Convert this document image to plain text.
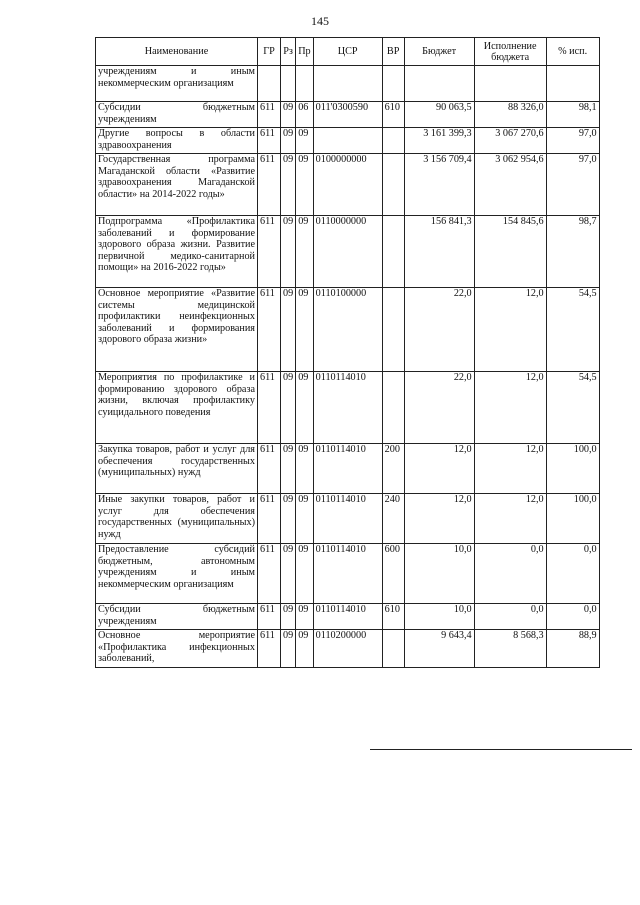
145
Наименование	ГР	Рз	Пр	ЦСР	ВР	Бюджет	Исполнение бюджета	% исп.

учреждениям и иным некоммерческим организациям								

Субсидии бюджетным учреждениям	611	09	06	011'0300590	610	90 063,5	88 326,0	98,1

Другие вопросы в области здравоохранения	611	09	09			3 161 399,3	3 067 270,6	97,0

Государственная программа Магаданской области «Развитие здравоохранения Магаданской области» на 2014-2022 годы»	611	09	09	0100000000		3 156 709,4	3 062 954,6	97,0

Подпрограмма «Профилактика заболеваний и формирование здорового образа жизни. Развитие первичной медико-санитарной помощи» на 2016-2022 годы»	611	09	09	0110000000		156 841,3	154 845,6	98,7

Основное мероприятие «Развитие системы медицинской профилактики неинфекционных заболеваний и формирования здорового образа жизни»	611	09	09	0110100000		22,0	12,0	54,5

Мероприятия по профилактике и формированию здорового образа жизни, включая профилактику суицидального поведения	611	09	09	0110114010		22,0	12,0	54,5

Закупка товаров, работ и услуг для обеспечения государственных (муниципальных) нужд	611	09	09	0110114010	200	12,0	12,0	100,0

Иные закупки товаров, работ и услуг для обеспечения государственных (муниципальных) нужд	611	09	09	0110114010	240	12,0	12,0	100,0

Предоставление субсидий бюджетным, автономным учреждениям и иным некоммерческим организациям	611	09	09	0110114010	600	10,0	0,0	0,0

Субсидии бюджетным учреждениям	611	09	09	0110114010	610	10,0	0,0	0,0

Основное мероприятие «Профилактика инфекционных заболеваний,	611	09	09	0110200000		9 643,4	8 568,3	88,9
